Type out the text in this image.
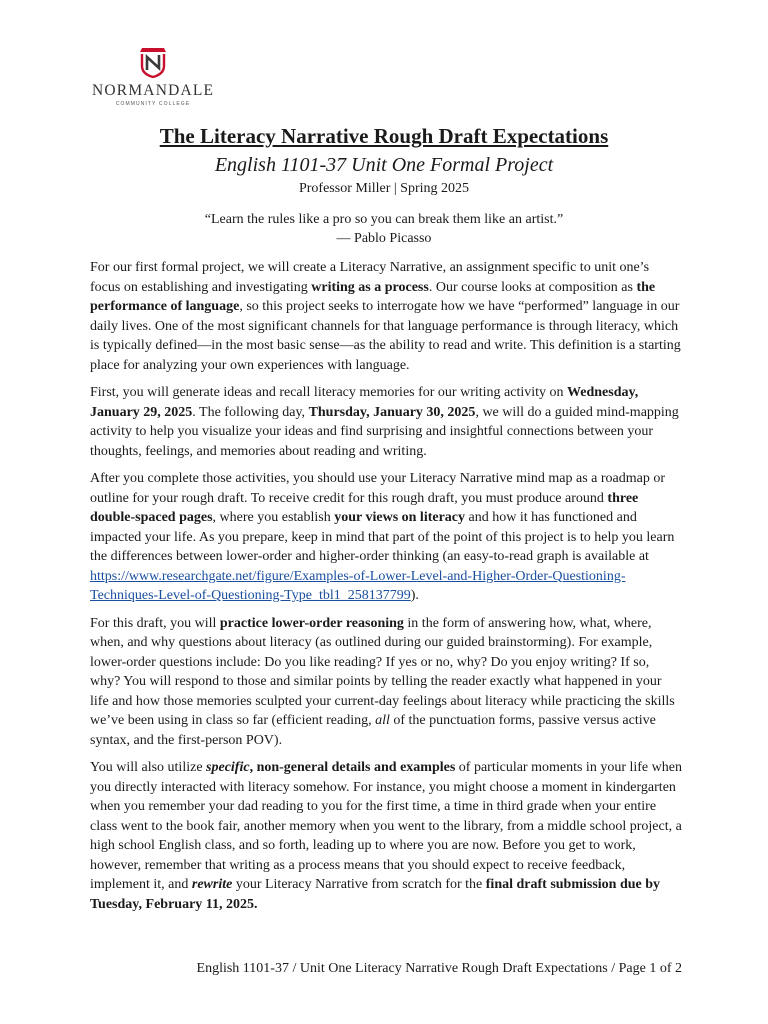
NORMANDALE
COMMUNITY COLLEGE
The Literacy Narrative Rough Draft Expectations
English 1101-37 Unit One Formal Project
Professor Miller | Spring 2025
“Learn the rules like a pro so you can break them like an artist.”
— Pablo Picasso

For our first formal project, we will create a Literacy Narrative, an assignment specific to unit one’s focus on establishing and investigating writing as a process. Our course looks at composition as the performance of language, so this project seeks to interrogate how we have “performed” language in our daily lives. One of the most significant channels for that language performance is through literacy, which is typically defined—in the most basic sense—as the ability to read and write. This definition is a starting place for analyzing your own experiences with language.

First, you will generate ideas and recall literacy memories for our writing activity on Wednesday, January 29, 2025. The following day, Thursday, January 30, 2025, we will do a guided mind-mapping activity to help you visualize your ideas and find surprising and insightful connections between your thoughts, feelings, and memories about reading and writing.

After you complete those activities, you should use your Literacy Narrative mind map as a roadmap or outline for your rough draft. To receive credit for this rough draft, you must produce around three double-spaced pages, where you establish your views on literacy and how it has functioned and impacted your life. As you prepare, keep in mind that part of the point of this project is to help you learn the differences between lower-order and higher-order thinking (an easy-to-read graph is available at https://www.researchgate.net/figure/Examples-of-Lower-Level-and-Higher-Order-Questioning-Techniques-Level-of-Questioning-Type_tbl1_258137799).

For this draft, you will practice lower-order reasoning in the form of answering how, what, where, when, and why questions about literacy (as outlined during our guided brainstorming). For example, lower-order questions include: Do you like reading? If yes or no, why? Do you enjoy writing? If so, why? You will respond to those and similar points by telling the reader exactly what happened in your life and how those memories sculpted your current-day feelings about literacy while practicing the skills we’ve been using in class so far (efficient reading, all of the punctuation forms, passive versus active syntax, and the first-person POV).

You will also utilize specific, non-general details and examples of particular moments in your life when you directly interacted with literacy somehow. For instance, you might choose a moment in kindergarten when you remember your dad reading to you for the first time, a time in third grade when your entire class went to the book fair, another memory when you went to the library, from a middle school project, a high school English class, and so forth, leading up to where you are now. Before you get to work, however, remember that writing as a process means that you should expect to receive feedback, implement it, and rewrite your Literacy Narrative from scratch for the final draft submission due by Tuesday, February 11, 2025.

English 1101-37 / Unit One Literacy Narrative Rough Draft Expectations / Page 1 of 2
